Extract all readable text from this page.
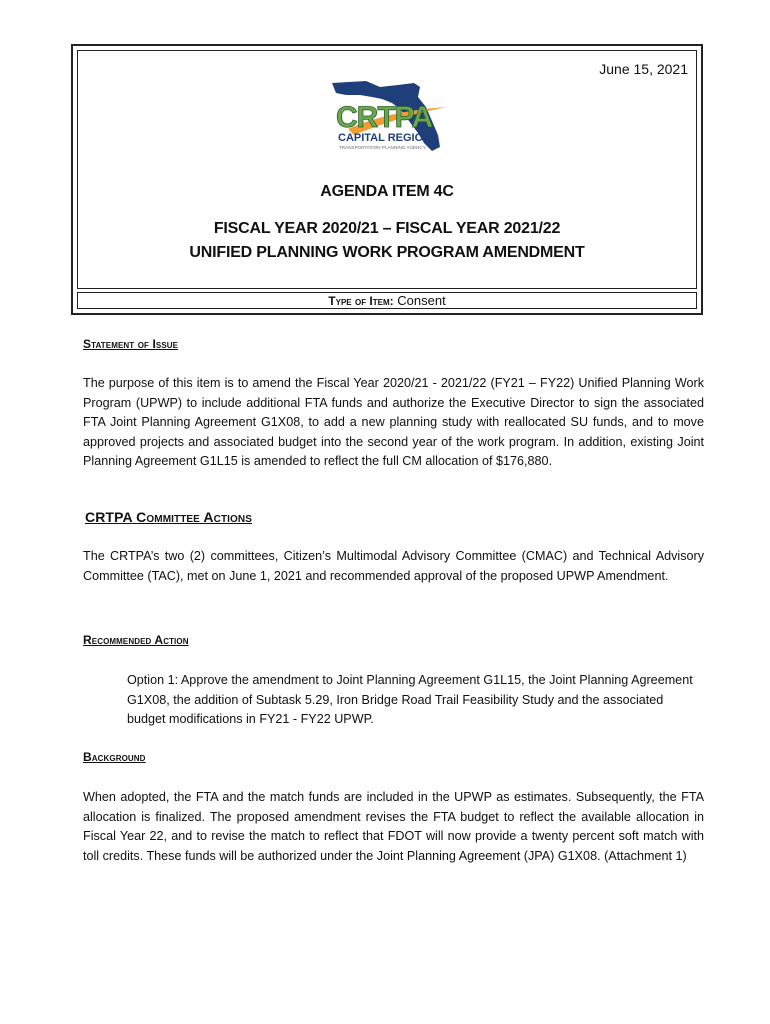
June 15, 2021
CRTPA
CAPITAL REGION
TRANSPORTATION PLANNING AGENCY
AGENDA ITEM 4C
FISCAL YEAR 2020/21 – FISCAL YEAR 2021/22
UNIFIED PLANNING WORK PROGRAM AMENDMENT
Type of Item: Consent
Statement of Issue

The purpose of this item is to amend the Fiscal Year 2020/21 - 2021/22 (FY21 – FY22) Unified Planning Work Program (UPWP) to include additional FTA funds and authorize the Executive Director to sign the associated FTA Joint Planning Agreement G1X08, to add a new planning study with reallocated SU funds, and to move approved projects and associated budget into the second year of the work program. In addition, existing Joint Planning Agreement G1L15 is amended to reflect the full CM allocation of $176,880.

CRTPA Committee Actions

The CRTPA’s two (2) committees, Citizen’s Multimodal Advisory Committee (CMAC) and Technical Advisory Committee (TAC), met on June 1, 2021 and recommended approval of the proposed UPWP Amendment.

Recommended Action

Option 1: Approve the amendment to Joint Planning Agreement G1L15, the Joint Planning Agreement G1X08, the addition of Subtask 5.29, Iron Bridge Road Trail Feasibility Study and the associated budget modifications in FY21 - FY22 UPWP.

Background

When adopted, the FTA and the match funds are included in the UPWP as estimates. Subsequently, the FTA allocation is finalized. The proposed amendment revises the FTA budget to reflect the available allocation in Fiscal Year 22, and to revise the match to reflect that FDOT will now provide a twenty percent soft match with toll credits. These funds will be authorized under the Joint Planning Agreement (JPA) G1X08. (Attachment 1)
